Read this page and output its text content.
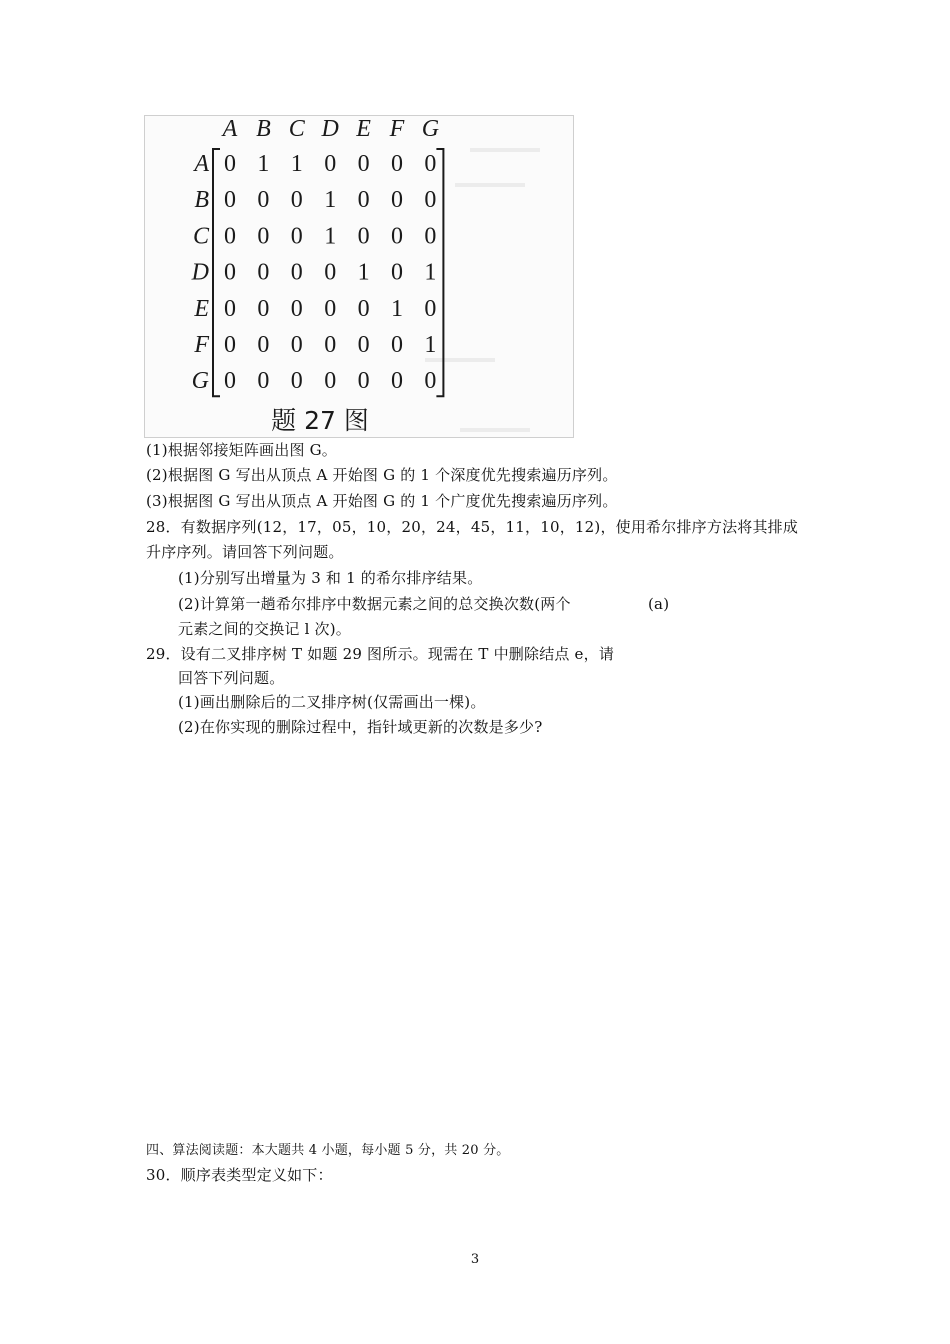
A B C D E F G
A 0 1 1 0 0 0 0
B 0 0 0 1 0 0 0
C 0 0 0 1 0 0 0
D 0 0 0 0 1 0 1
E 0 0 0 0 0 1 0
F 0 0 0 0 0 0 1
G 0 0 0 0 0 0 0
题 27 图
(1)根据邻接矩阵画出图 G。
(2)根据图 G 写出从顶点 A 开始图 G 的 1 个深度优先搜索遍历序列。
(3)根据图 G 写出从顶点 A 开始图 G 的 1 个广度优先搜索遍历序列。
28．有数据序列(12，17，05，10，20，24，45，11，10，12)，使用希尔排序方法将其排成
升序序列。请回答下列问题。
(1)分别写出增量为 3 和 1 的希尔排序结果。
(2)计算第一趟希尔排序中数据元素之间的总交换次数(两个	(a)
元素之间的交换记 l 次)。
29．设有二叉排序树 T 如题 29 图所示。现需在 T 中删除结点 e，请
回答下列问题。
(1)画出删除后的二叉排序树(仅需画出一棵)。
(2)在你实现的删除过程中，指针域更新的次数是多少?
四、算法阅读题：本大题共 4 小题，每小题 5 分，共 20 分。
30．顺序表类型定义如下：
3
